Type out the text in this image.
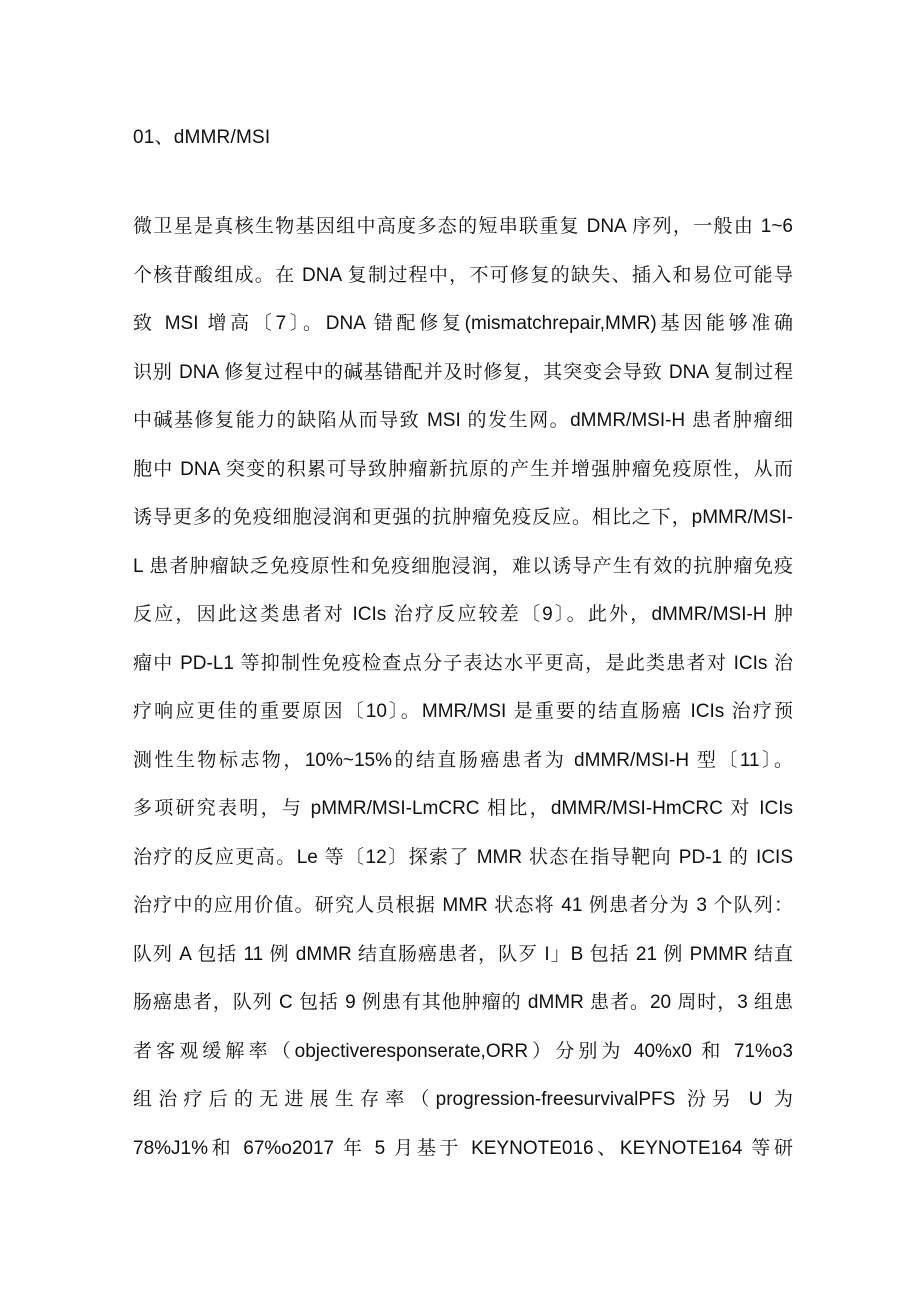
01、dMMR/MSI
微卫星是真核生物基因组中高度多态的短串联重复 DNA 序列，一般由 1~6
个核苷酸组成。在 DNA 复制过程中，不可修复的缺失、插入和易位可能导
致 MSI 增高〔7〕。DNA 错配修复(mismatchrepair,MMR)基因能够准确
识别 DNA 修复过程中的碱基错配并及时修复，其突变会导致 DNA 复制过程
中碱基修复能力的缺陷从而导致 MSI 的发生网。dMMR/MSI-H 患者肿瘤细
胞中 DNA 突变的积累可导致肿瘤新抗原的产生并增强肿瘤免疫原性，从而
诱导更多的免疫细胞浸润和更强的抗肿瘤免疫反应。相比之下，pMMR/MSI-
L 患者肿瘤缺乏免疫原性和免疫细胞浸润，难以诱导产生有效的抗肿瘤免疫
反应，因此这类患者对 ICIs 治疗反应较差〔9〕。此外，dMMR/MSI-H 肿
瘤中 PD-L1 等抑制性免疫检查点分子表达水平更高，是此类患者对 ICIs 治
疗响应更佳的重要原因〔10〕。MMR/MSI 是重要的结直肠癌 ICIs 治疗预
测性生物标志物，10%~15%的结直肠癌患者为 dMMR/MSI-H 型〔11〕。
多项研究表明，与 pMMR/MSI-LmCRC 相比，dMMR/MSI-HmCRC 对 ICIs
治疗的反应更高。Le 等〔12〕探索了 MMR 状态在指导靶向 PD-1 的 ICIS
治疗中的应用价值。研究人员根据 MMR 状态将 41 例患者分为 3 个队列：
队列 A 包括 11 例 dMMR 结直肠癌患者，队歹 I」B 包括 21 例 PMMR 结直
肠癌患者，队列 C 包括 9 例患有其他肿瘤的 dMMR 患者。20 周时，3 组患
者客观缓解率（objectiveresponserate,ORR）分别为 40%x0 和 71%o3
组治疗后的无进展生存率（progression-freesurvivalPFS 汾另 U 为
78%J1%和 67%o2017 年 5 月基于 KEYNOTE016、KEYNOTE164 等研
